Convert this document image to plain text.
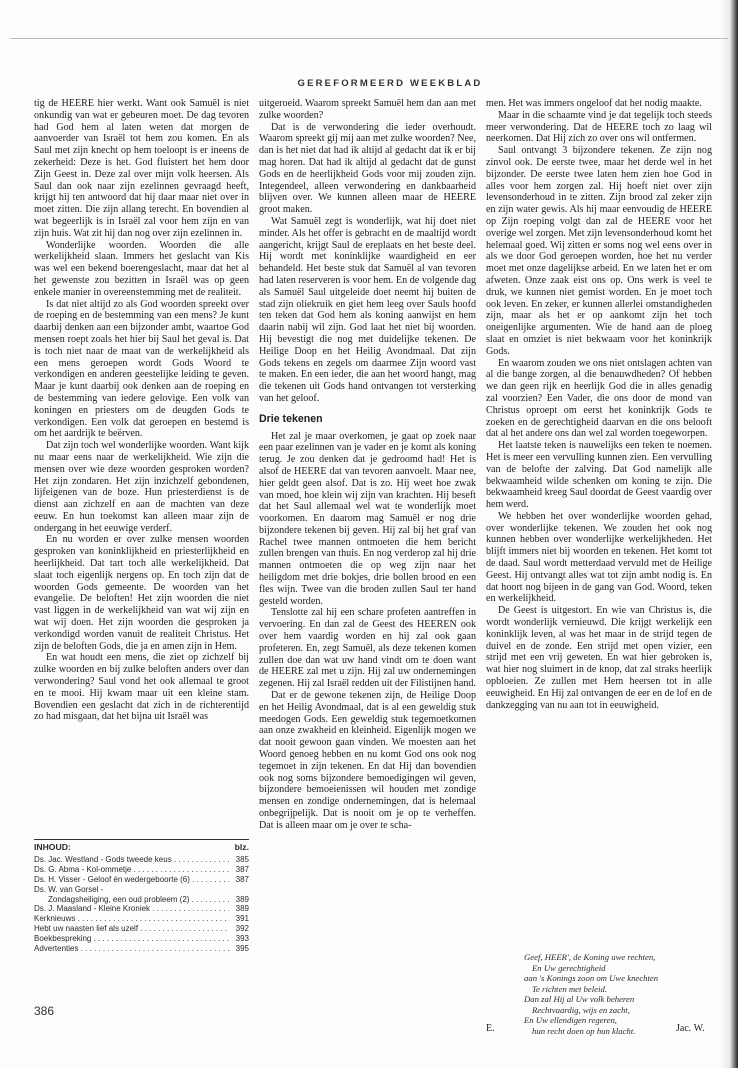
GEREFORMEERD WEEKBLAD

tig de HEERE hier werkt. Want ook Samuël is niet onkundig van wat er gebeuren moet. De dag tevoren had God hem al laten weten dat morgen de aanvoerder van Israël tot hem zou komen. En als Saul met zijn knecht op hem toeloopt is er ineens de zekerheid: Deze is het. God fluistert het hem door Zijn Geest in. Deze zal over mijn volk heersen. Als Saul dan ook naar zijn ezelinnen gevraagd heeft, krijgt hij ten antwoord dat hij daar maar niet over in moet zitten. Die zijn allang terecht. En bovendien al wat begeerlijk is in Israël zal voor hem zijn en van zijn huis. Wat zit hij dan nog over zijn ezelinnen in.

Wonderlijke woorden. Woorden die alle werkelijkheid slaan. Immers het geslacht van Kis was wel een bekend boerengeslacht, maar dat het al het gewenste zou bezitten in Israël was op geen enkele manier in overeenstemming met de realiteit.

Is dat niet altijd zo als God woorden spreekt over de roeping en de bestemming van een mens? Je kunt daarbij denken aan een bijzonder ambt, waartoe God mensen roept zoals het hier bij Saul het geval is. Dat is toch niet naar de maat van de werkelijkheid als een mens geroepen wordt Gods Woord te verkondigen en anderen geestelijke leiding te geven. Maar je kunt daarbij ook denken aan de roeping en de bestemming van iedere gelovige. Een volk van koningen en priesters om de deugden Gods te verkondigen. Een volk dat geroepen en bestemd is om het aardrijk te beërven.

Dat zijn toch wel wonderlijke woorden. Want kijk nu maar eens naar de werkelijkheid. Wie zijn die mensen over wie deze woorden gesproken worden? Het zijn zondaren. Het zijn inzichzelf gebondenen, lijfeigenen van de boze. Hun priesterdienst is de dienst aan zichzelf en aan de machten van deze eeuw. En hun toekomst kan alleen maar zijn de ondergang in het eeuwige verderf.

En nu worden er over zulke mensen woorden gesproken van koninklijkheid en priesterlijkheid en heerlijkheid. Dat tart toch alle werkelijkheid. Dat slaat toch eigenlijk nergens op. En toch zijn dat de woorden Gods gemeente. De woorden van het evangelie. De beloften! Het zijn woorden die niet vast liggen in de werkelijkheid van wat wij zijn en wat wij doen. Het zijn woorden die gesproken ja verkondigd worden vanuit de realiteit Christus. Het zijn de beloften Gods, die ja en amen zijn in Hem.

En wat houdt een mens, die ziet op zichzelf bij zulke woorden en bij zulke beloften anders over dan verwondering? Saul vond het ook allemaal te groot en te mooi. Hij kwam maar uit een kleine stam. Bovendien een geslacht dat zich in de richterentijd zo had misgaan, dat het bijna uit Israël was

INHOUD:	blz.
Ds. Jac. Westland - Gods tweede keus . . .	385
Ds. G. Abma - Kol-ommetje . . .	387
Ds. H. Visser - Geloof én wedergeboorte (6) . . .	387
Ds. W. van Gorsel -
Zondagsheiliging, een oud probleem (2) . . .	389
Ds. J. Maasland - Kleine Kroniek . . .	389
Kerknieuws . . .	391
Hebt uw naasten lief als uzelf . . .	392
Boekbespreking . . .	393
Advertenties . . .	395
386

uitgeroeid. Waarom spreekt Samuël hem dan aan met zulke woorden?

Dat is de verwondering die ieder overhoudt. Waarom spreekt gij mij aan met zulke woorden? Nee, dan is het niet dat had ik altijd al gedacht dat ik er bij mag horen. Dat had ik altijd al gedacht dat de gunst Gods en de heerlijkheid Gods voor mij zouden zijn. Integendeel, alleen verwondering en dankbaarheid blijven over. We kunnen alleen maar de HEERE groot maken.

Wat Samuël zegt is wonderlijk, wat hij doet niet minder. Als het offer is gebracht en de maaltijd wordt aangericht, krijgt Saul de ereplaats en het beste deel. Hij wordt met koninklijke waardigheid en eer behandeld. Het beste stuk dat Samuël al van tevoren had laten reserveren is voor hem. En de volgende dag als Samuël Saul uitgeleide doet neemt hij buiten de stad zijn oliekruik en giet hem leeg over Sauls hoofd ten teken dat God hem als koning aanwijst en hem daarin nabij wil zijn. God laat het niet bij woorden. Hij bevestigt die nog met duidelijke tekenen. De Heilige Doop en het Heilig Avondmaal. Dat zijn Gods tekens en zegels om daarmee Zijn woord vast te maken. En een ieder, die aan het woord hangt, mag die tekenen uit Gods hand ontvangen tot versterking van het geloof.

Drie tekenen

Het zal je maar overkomen, je gaat op zoek naar een paar ezelinnen van je vader en je komt als koning terug. Je zou denken dat je gedroomd had! Het is alsof de HEERE dat van tevoren aanvoelt. Maar nee, hier geldt geen alsof. Dat is zo. Hij weet hoe zwak van moed, hoe klein wij zijn van krachten. Hij beseft dat het Saul allemaal wel wat te wonderlijk moet voorkomen. En daarom mag Samuël er nog drie bijzondere tekenen bij geven. Hij zal bij het graf van Rachel twee mannen ontmoeten die hem bericht zullen brengen van thuis. En nog verderop zal hij drie mannen ontmoeten die op weg zijn naar het heiligdom met drie bokjes, drie bollen brood en een fles wijn. Twee van die broden zullen Saul ter hand gesteld worden.

Tenslotte zal hij een schare profeten aantreffen in vervoering. En dan zal de Geest des HEEREN ook over hem vaardig worden en hij zal ook gaan profeteren. En, zegt Samuël, als deze tekenen komen zullen doe dan wat uw hand vindt om te doen want de HEERE zal met u zijn. Hij zal uw ondernemingen zegenen. Hij zal Israël redden uit der Filistijnen hand.

Dat er de gewone tekenen zijn, de Heilige Doop en het Heilig Avondmaal, dat is al een geweldig stuk meedogen Gods. Een geweldig stuk tegemoetkomen aan onze zwakheid en kleinheid. Eigenlijk mogen we dat nooit gewoon gaan vinden. We moesten aan het Woord genoeg hebben en nu komt God ons ook nog tegemoet in zijn tekenen. En dat Hij dan bovendien ook nog soms bijzondere bemoedigingen wil geven, bijzondere bemoeienissen wil houden met zondige mensen en zondige ondernemingen, dat is helemaal onbegrijpelijk. Dat is nooit om je op te verheffen. Dat is alleen maar om je over te scha-

men. Het was immers ongeloof dat het nodig maakte.

Maar in die schaamte vind je dat tegelijk toch steeds meer verwondering. Dat de HEERE toch zo laag wil neerkomen. Dat Hij zich zo over ons wil ontfermen.

Saul ontvangt 3 bijzondere tekenen. Ze zijn nog zinvol ook. De eerste twee, maar het derde wel in het bijzonder. De eerste twee laten hem zien hoe God in alles voor hem zorgen zal. Hij hoeft niet over zijn levensonderhoud in te zitten. Zijn brood zal zeker zijn en zijn water gewis. Als hij maar eenvoudig de HEERE op Zijn roeping volgt dan zal de HEERE voor het overige wel zorgen. Met zijn levensonderhoud komt het helemaal goed. Wij zitten er soms nog wel eens over in als we door God geroepen worden, hoe het nu verder moet met onze dagelijkse arbeid. En we laten het er om afweten. Onze zaak eist ons op. Ons werk is veel te druk, we kunnen niet gemist worden. En je moet toch ook leven. En zeker, er kunnen allerlei omstandigheden zijn, maar als het er op aankomt zijn het toch oneigenlijke argumenten. Wie de hand aan de ploeg slaat en omziet is niet bekwaam voor het koninkrijk Gods.

En waarom zouden we ons niet ontslagen achten van al die bange zorgen, al die benauwdheden? Of hebben we dan geen rijk en heerlijk God die in alles genadig zal voorzien? Een Vader, die ons door de mond van Christus oproept om eerst het koninkrijk Gods te zoeken en de gerechtigheid daarvan en die ons belooft dat al het andere ons dan wel zal worden toegeworpen.

Het laatste teken is nauwelijks een teken te noemen. Het is meer een vervulling kunnen zien. Een vervulling van de belofte der zalving. Dat God namelijk alle bekwaamheid wilde schenken om koning te zijn. Die bekwaamheid kreeg Saul doordat de Geest vaardig over hem werd.

We hebben het over wonderlijke woorden gehad, over wonderlijke tekenen. We zouden het ook nog kunnen hebben over wonderlijke werkelijkheden. Het blijft immers niet bij woorden en tekenen. Het komt tot de daad. Saul wordt metterdaad vervuld met de Heilige Geest. Hij ontvangt alles wat tot zijn ambt nodig is. En dat hoort nog bijeen in de gang van God. Woord, teken en werkelijkheid.

De Geest is uitgestort. En wie van Christus is, die wordt wonderlijk vernieuwd. Die krijgt werkelijk een koninklijk leven, al was het maar in de strijd tegen de duivel en de zonde. Een strijd met open vizier, een strijd met een vrij geweten. En wat hier gebroken is, wat hier nog sluimert in de knop, dat zal straks heerlijk opbloeien. Ze zullen met Hem heersen tot in alle eeuwigheid. En Hij zal ontvangen de eer en de lof en de dankzegging van nu aan tot in eeuwigheid.

Geef, HEER', de Koning uwe rechten,
En Uw gerechtigheid
aan 's Konings zoon om Uwe knechten
Te richten met beleid.
Dan zal Hij al Uw volk beheren
Rechtvaardig, wijs en zacht,
En Uw ellendigen regeren,
hun recht doen op hun klacht.
E.	Jac. W.
